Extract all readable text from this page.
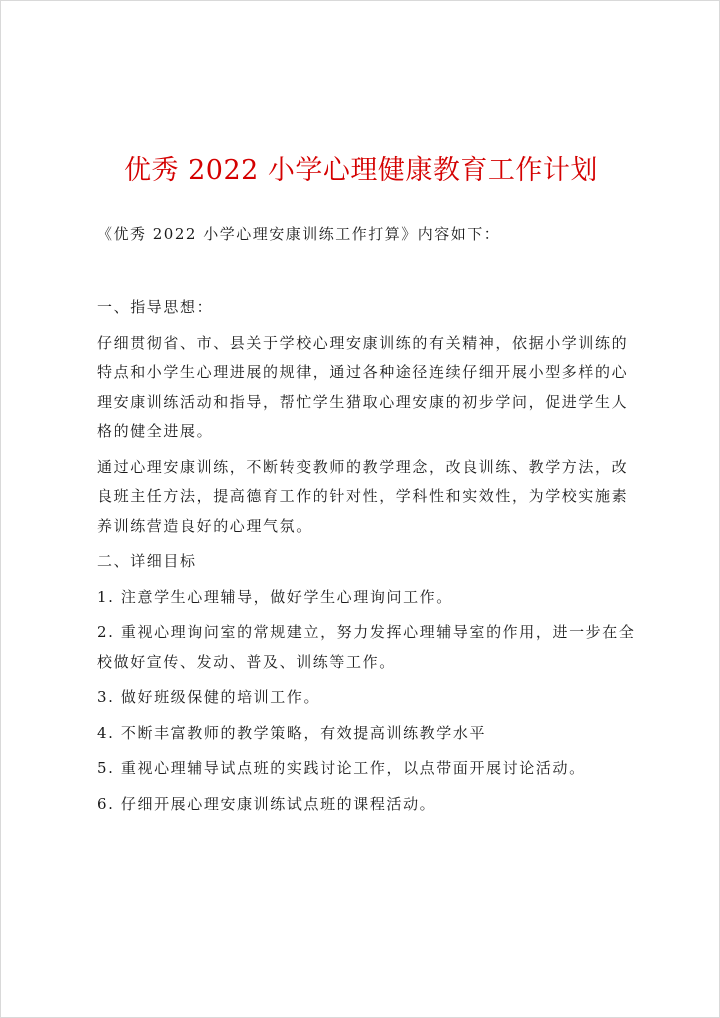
优秀 2022 小学心理健康教育工作计划
《优秀 2022 小学心理安康训练工作打算》内容如下：
一、指导思想：
仔细贯彻省、市、县关于学校心理安康训练的有关精神，依据小学训练的
特点和小学生心理进展的规律，通过各种途径连续仔细开展小型多样的心
理安康训练活动和指导，帮忙学生猎取心理安康的初步学问，促进学生人
格的健全进展。
通过心理安康训练，不断转变教师的教学理念，改良训练、教学方法，改
良班主任方法，提高德育工作的针对性，学科性和实效性，为学校实施素
养训练营造良好的心理气氛。
二、详细目标
1. 注意学生心理辅导，做好学生心理询问工作。
2. 重视心理询问室的常规建立，努力发挥心理辅导室的作用，进一步在全
校做好宣传、发动、普及、训练等工作。
3. 做好班级保健的培训工作。
4. 不断丰富教师的教学策略，有效提高训练教学水平
5. 重视心理辅导试点班的实践讨论工作，以点带面开展讨论活动。
6. 仔细开展心理安康训练试点班的课程活动。
